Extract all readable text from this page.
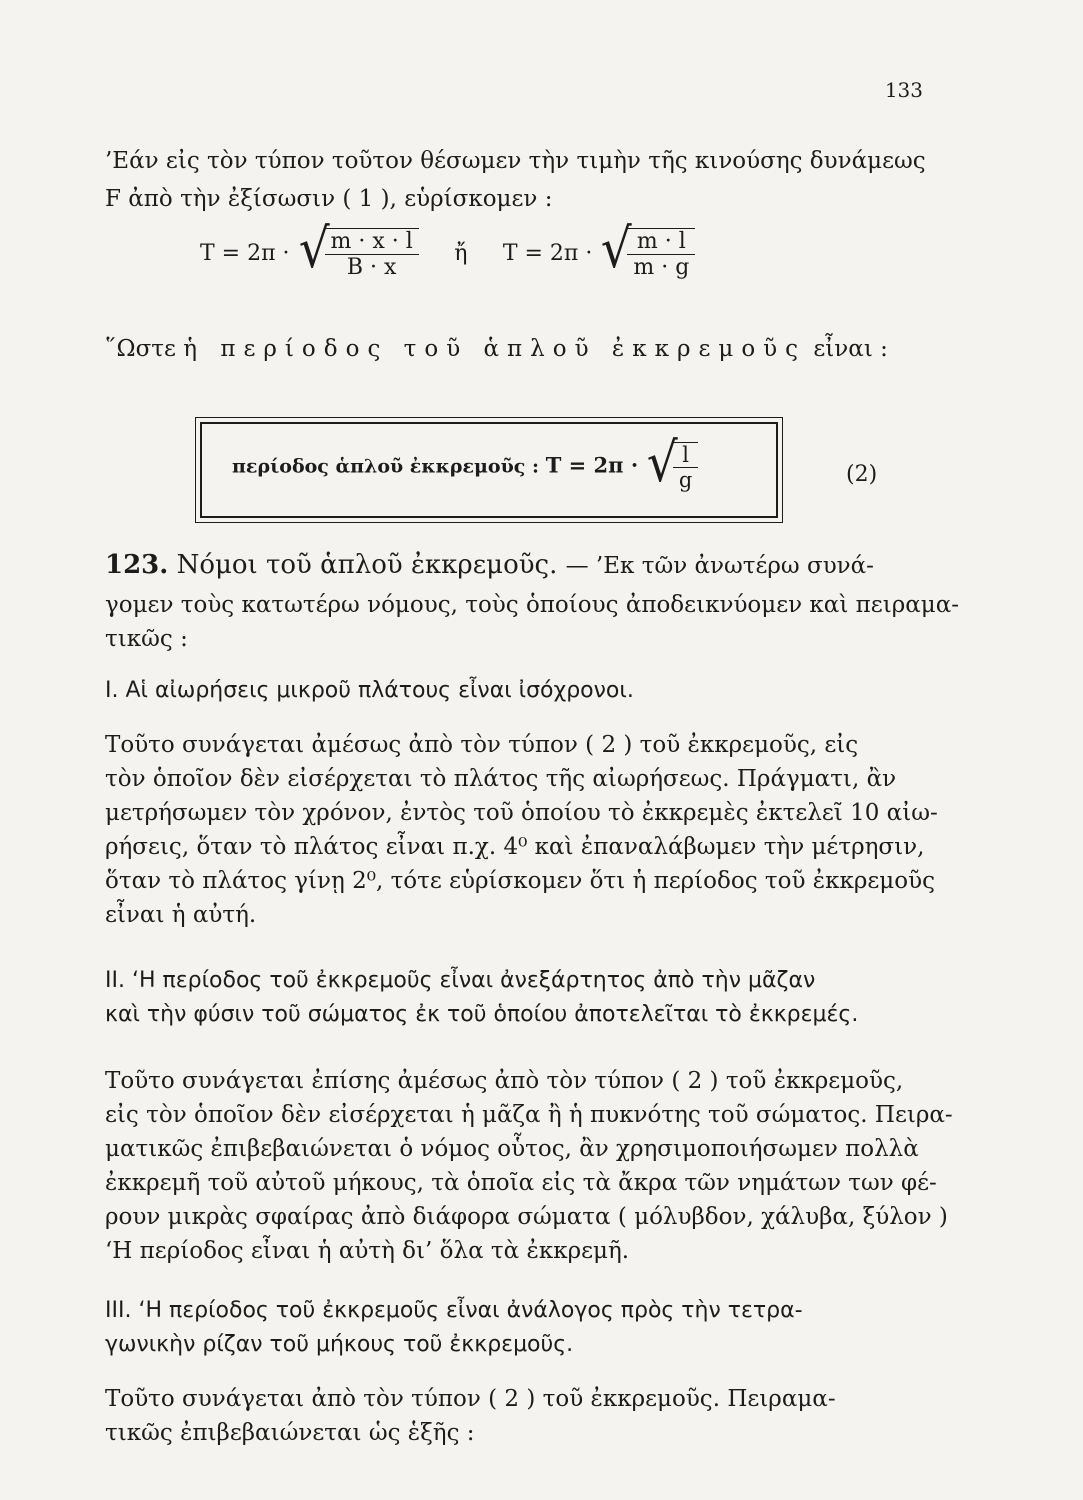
133
’Εάν εἰς τὸν τύπον τοῦτον θέσωμεν τὴν τιμὴν τῆς κινούσης δυνάμεως
F ἀπὸ τὴν ἐξίσωσιν ( 1 ), εὑρίσκομεν :
T = 2π · √
$\frac{m \cdot x \cdot l}{B \cdot x}$ ἤ T = 2π · √
$\frac{m \cdot l}{m \cdot g}$
῞Ωστε ἡ περίοδος τοῦ ἁπλοῦ ἐκκρεμοῦς εἶναι :
περίοδος ἁπλοῦ ἐκκρεμοῦς : T = 2π · √
$\frac{l}{g}$	(2)
123. Νόμοι τοῦ ἁπλοῦ ἐκκρεμοῦς. — ’Εκ τῶν ἀνωτέρω συνά-
γομεν τοὺς κατωτέρω νόμους, τοὺς ὁποίους ἀποδεικνύομεν καὶ πειραμα-
τικῶς :
I. Αἱ αἰωρήσεις μικροῦ πλάτους εἶναι ἰσόχρονοι.
Τοῦτο συνάγεται ἀμέσως ἀπὸ τὸν τύπον ( 2 ) τοῦ ἐκκρεμοῦς, εἰς
τὸν ὁποῖον δὲν εἰσέρχεται τὸ πλάτος τῆς αἰωρήσεως. Πράγματι, ἂν
μετρήσωμεν τὸν χρόνον, ἐντὸς τοῦ ὁποίου τὸ ἐκκρεμὲς ἐκτελεῖ 10 αἰω-
ρήσεις, ὅταν τὸ πλάτος εἶναι π.χ. 4⁰ καὶ ἐπαναλάβωμεν τὴν μέτρησιν,
ὅταν τὸ πλάτος γίνῃ 2⁰, τότε εὑρίσκομεν ὅτι ἡ περίοδος τοῦ ἐκκρεμοῦς
εἶναι ἡ αὐτή.
II. ‘Η περίοδος τοῦ ἐκκρεμοῦς εἶναι ἀνεξάρτητος ἀπὸ τὴν μᾶζαν
καὶ τὴν φύσιν τοῦ σώματος ἐκ τοῦ ὁποίου ἀποτελεῖται τὸ ἐκκρεμές.
Τοῦτο συνάγεται ἐπίσης ἀμέσως ἀπὸ τὸν τύπον ( 2 ) τοῦ ἐκκρεμοῦς,
εἰς τὸν ὁποῖον δὲν εἰσέρχεται ἡ μᾶζα ἢ ἡ πυκνότης τοῦ σώματος. Πειρα-
ματικῶς ἐπιβεβαιώνεται ὁ νόμος οὗτος, ἂν χρησιμοποιήσωμεν πολλὰ
ἐκκρεμῆ τοῦ αὐτοῦ μήκους, τὰ ὁποῖα εἰς τὰ ἄκρα τῶν νημάτων των φέ-
ρουν μικρὰς σφαίρας ἀπὸ διάφορα σώματα ( μόλυβδον, χάλυβα, ξύλον )
‘Η περίοδος εἶναι ἡ αὐτὴ δι’ ὅλα τὰ ἐκκρεμῆ.
III. ‘Η περίοδος τοῦ ἐκκρεμοῦς εἶναι ἀνάλογος πρὸς τὴν τετρα-
γωνικὴν ρίζαν τοῦ μήκους τοῦ ἐκκρεμοῦς.
Τοῦτο συνάγεται ἀπὸ τὸν τύπον ( 2 ) τοῦ ἐκκρεμοῦς. Πειραμα-
τικῶς ἐπιβεβαιώνεται ὡς ἑξῆς :
